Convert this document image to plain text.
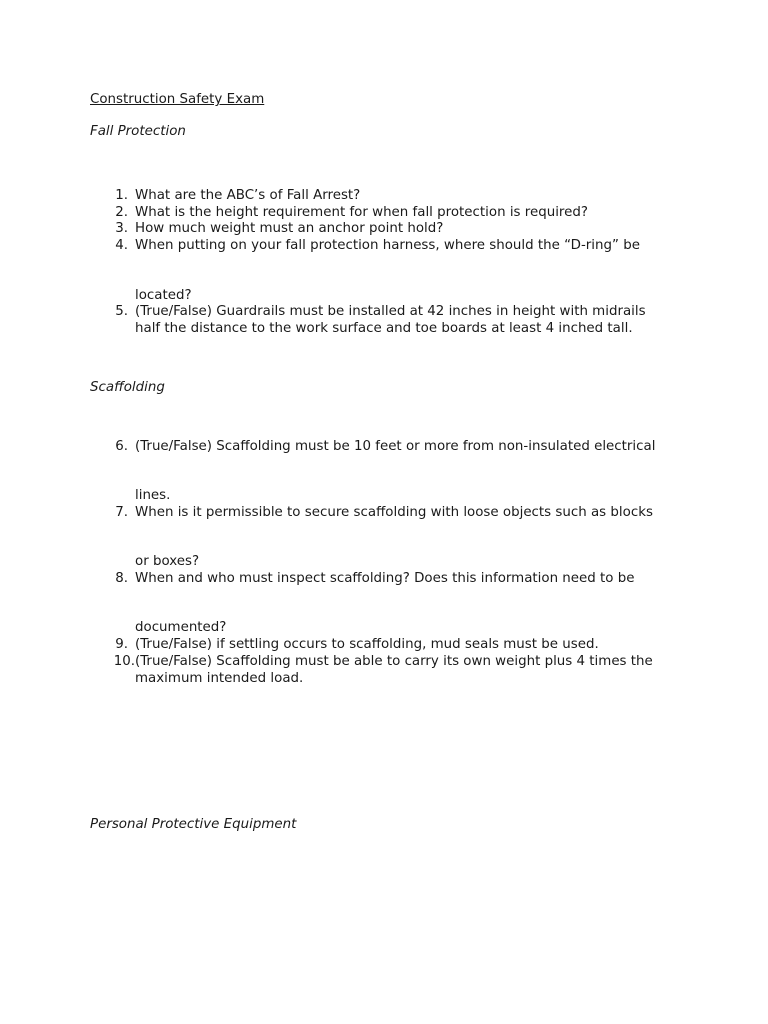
Construction Safety Exam
Fall Protection
1. What are the ABC’s of Fall Arrest?
2. What is the height requirement for when fall protection is required?
3. How much weight must an anchor point hold?
4. When putting on your fall protection harness, where should the “D-ring” be
located?
5. (True/False) Guardrails must be installed at 42 inches in height with midrails
half the distance to the work surface and toe boards at least 4 inched tall.
Scaffolding
6. (True/False) Scaffolding must be 10 feet or more from non-insulated electrical
lines.
7. When is it permissible to secure scaffolding with loose objects such as blocks
or boxes?
8. When and who must inspect scaffolding? Does this information need to be
documented?
9. (True/False) if settling occurs to scaffolding, mud seals must be used.
10. (True/False) Scaffolding must be able to carry its own weight plus 4 times the
maximum intended load.
Personal Protective Equipment
